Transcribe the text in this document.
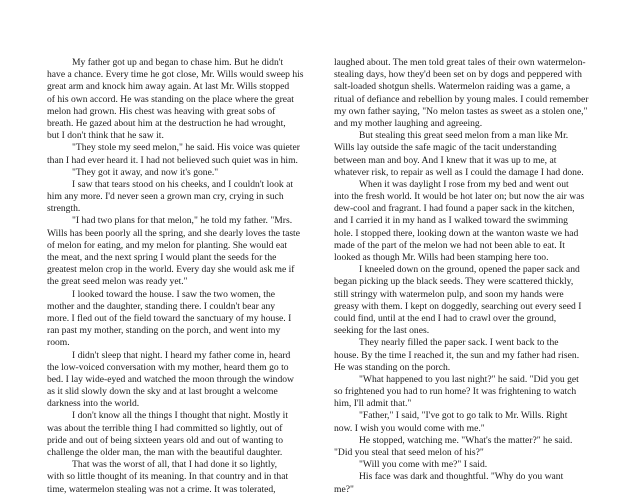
My father got up and began to chase him. But he didn't

have a chance. Every time he got close, Mr. Wills would sweep his

great arm and knock him away again. At last Mr. Wills stopped

of his own accord. He was standing on the place where the great

melon had grown. His chest was heaving with great sobs of

breath. He gazed about him at the destruction he had wrought,

but I don't think that he saw it.

"They stole my seed melon," he said. His voice was quieter

than I had ever heard it. I had not believed such quiet was in him.

"They got it away, and now it's gone."

I saw that tears stood on his cheeks, and I couldn't look at

him any more. I'd never seen a grown man cry, crying in such

strength.

"I had two plans for that melon," he told my father. "Mrs.

Wills has been poorly all the spring, and she dearly loves the taste

of melon for eating, and my melon for planting. She would eat

the meat, and the next spring I would plant the seeds for the

greatest melon crop in the world. Every day she would ask me if

the great seed melon was ready yet."

I looked toward the house. I saw the two women, the

mother and the daughter, standing there. I couldn't bear any

more. I fled out of the field toward the sanctuary of my house. I

ran past my mother, standing on the porch, and went into my

room.

I didn't sleep that night. I heard my father come in, heard

the low-voiced conversation with my mother, heard them go to

bed. I lay wide-eyed and watched the moon through the window

as it slid slowly down the sky and at last brought a welcome

darkness into the world.

I don't know all the things I thought that night. Mostly it

was about the terrible thing I had committed so lightly, out of

pride and out of being sixteen years old and out of wanting to

challenge the older man, the man with the beautiful daughter.

That was the worst of all, that I had done it so lightly,

with so little thought of its meaning. In that country and in that

time, watermelon stealing was not a crime. It was tolerated,

laughed about. The men told great tales of their own watermelon-

stealing days, how they'd been set on by dogs and peppered with

salt-loaded shotgun shells. Watermelon raiding was a game, a

ritual of defiance and rebellion by young males. I could remember

my own father saying, "No melon tastes as sweet as a stolen one,"

and my mother laughing and agreeing.

But stealing this great seed melon from a man like Mr.

Wills lay outside the safe magic of the tacit understanding

between man and boy. And I knew that it was up to me, at

whatever risk, to repair as well as I could the damage I had done.

When it was daylight I rose from my bed and went out

into the fresh world. It would be hot later on; but now the air was

dew-cool and fragrant. I had found a paper sack in the kitchen,

and I carried it in my hand as I walked toward the swimming

hole. I stopped there, looking down at the wanton waste we had

made of the part of the melon we had not been able to eat. It

looked as though Mr. Wills had been stamping here too.

I kneeled down on the ground, opened the paper sack and

began picking up the black seeds. They were scattered thickly,

still stringy with watermelon pulp, and soon my hands were

greasy with them. I kept on doggedly, searching out every seed I

could find, until at the end I had to crawl over the ground,

seeking for the last ones.

They nearly filled the paper sack. I went back to the

house. By the time I reached it, the sun and my father had risen.

He was standing on the porch.

"What happened to you last night?" he said. "Did you get

so frightened you had to run home? It was frightening to watch

him, I'll admit that."

"Father," I said, "I've got to go talk to Mr. Wills. Right

now. I wish you would come with me."

He stopped, watching me. "What's the matter?" he said.

"Did you steal that seed melon of his?"

"Will you come with me?" I said.

His face was dark and thoughtful. "Why do you want

me?"
